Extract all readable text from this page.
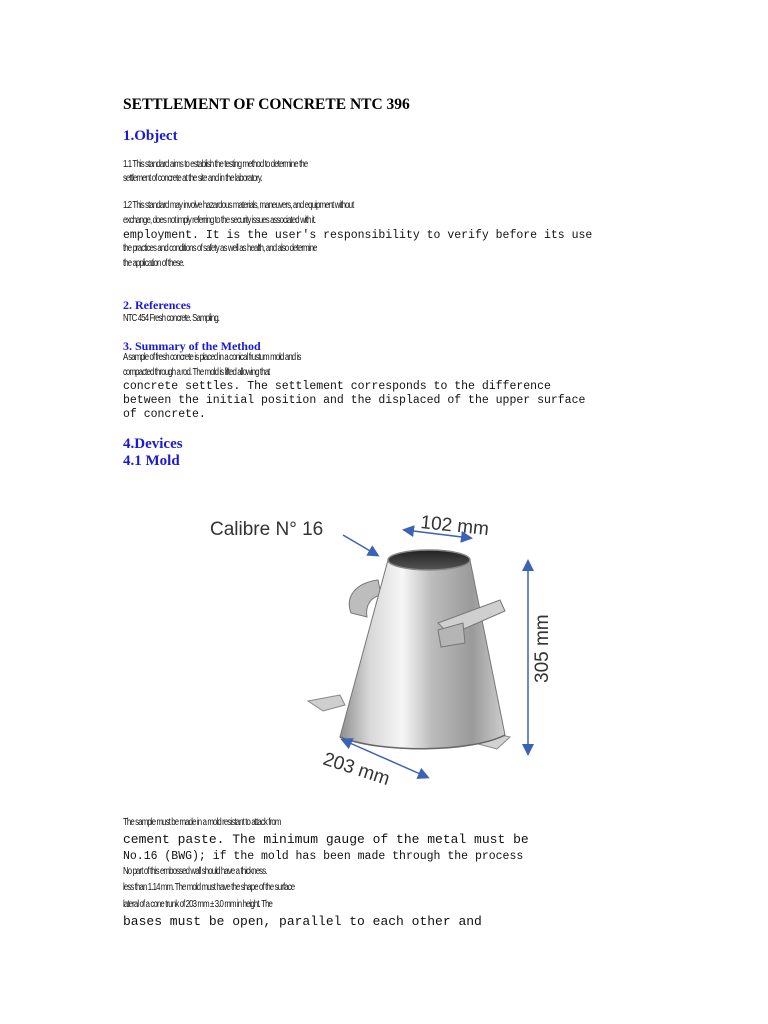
SETTLEMENT OF CONCRETE NTC 396
1.Object
1.1 This standard aims to establish the testing method to determine the
settlement of concrete at the site and in the laboratory.
1.2 This standard may involve hazardous materials, maneuvers, and equipment without
exchange, does not imply referring to the security issues associated with it.
employment. It is the user's responsibility to verify before its use
the practices and conditions of safety as well as health, and also determine
the application of these.
2. References
NTC 454 Fresh concrete. Sampling.
3. Summary of the Method
A sample of fresh concrete is placed in a conical frustum mold and is
compacted through a rod. The mold is lifted allowing that
concrete settles. The settlement corresponds to the difference
between the initial position and the displaced of the upper surface
of concrete.
4.Devices
4.1 Mold
Calibre N° 16	102 mm
305 mm
203 mm
The sample must be made in a mold resistant to attack from
cement paste. The minimum gauge of the metal must be
No.16 (BWG); if the mold has been made through the process
No part of this embossed wall should have a thickness.
less than 1.14 mm. The mold must have the shape of the surface
lateral of a cone trunk of 203 mm ± 3.0 mm in height. The
bases must be open, parallel to each other and
